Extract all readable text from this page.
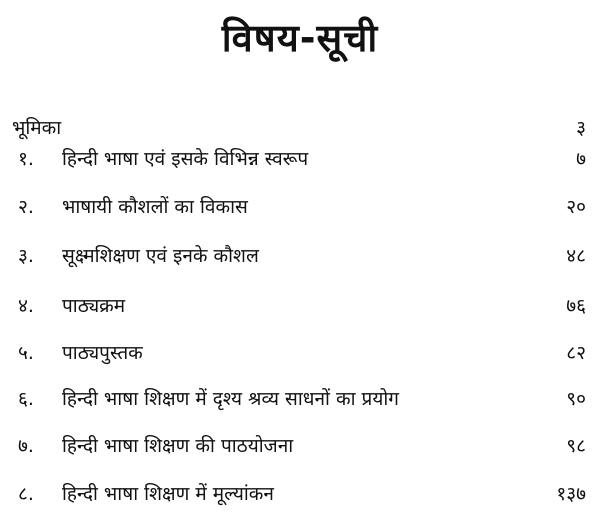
विषय-सूची
भूमिका	३
१. हिन्दी भाषा एवं इसके विभिन्न स्वरूप	७
२. भाषायी कौशलों का विकास	२०
३. सूक्ष्मशिक्षण एवं इनके कौशल	४८
४. पाठ्यक्रम	७६
५. पाठ्यपुस्तक	८२
६. हिन्दी भाषा शिक्षण में दृश्य श्रव्य साधनों का प्रयोग	९०
७. हिन्दी भाषा शिक्षण की पाठयोजना	९८
८. हिन्दी भाषा शिक्षण में मूल्यांकन	१३७
